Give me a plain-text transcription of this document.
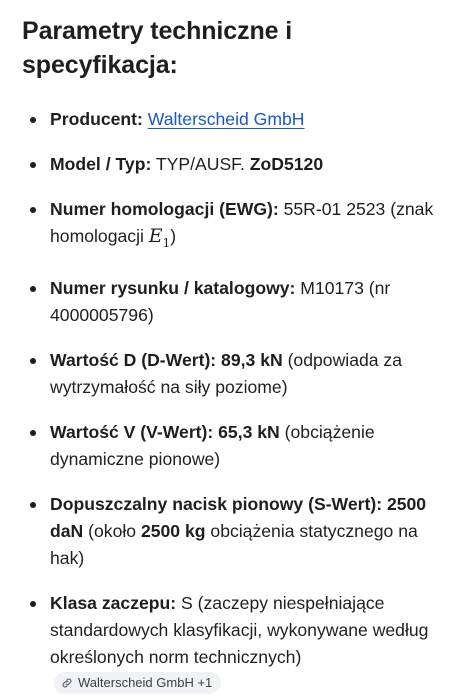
Parametry techniczne i specyfikacja:
Producent: Walterscheid GmbH
Model / Typ: TYP/AUSF. ZoD5120
Numer homologacji (EWG): 55R-01 2523 (znak homologacji $E_1$)
Numer rysunku / katalogowy: M10173 (nr 4000005796)
Wartość D (D-Wert): 89,3 kN (odpowiada za wytrzymałość na siły poziome)
Wartość V (V-Wert): 65,3 kN (obciążenie dynamiczne pionowe)
Dopuszczalny nacisk pionowy (S-Wert): 2500 daN (około 2500 kg obciążenia statycznego na hak)
Klasa zaczepu: S (zaczepy niespełniające standardowych klasyfikacji, wykonywane według określonych norm technicznych)
Walterscheid GmbH +1
